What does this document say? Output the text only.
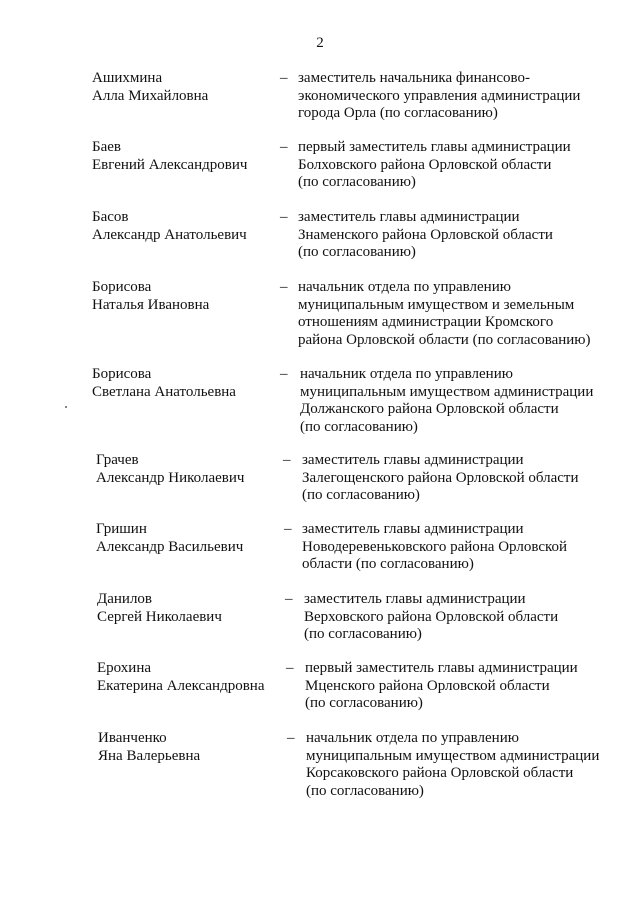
2
Ашихмина
Алла Михайловна
– заместитель начальника финансово-
экономического управления администрации
города Орла (по согласованию)
Баев
Евгений Александрович
– первый заместитель главы администрации
Болховского района Орловской области
(по согласованию)
Басов
Александр Анатольевич
– заместитель главы администрации
Знаменского района Орловской области
(по согласованию)
Борисова
Наталья Ивановна
– начальник отдела по управлению
муниципальным имуществом и земельным
отношениям администрации Кромского
района Орловской области (по согласованию)
Борисова
Светлана Анатольевна
– начальник отдела по управлению
муниципальным имуществом администрации
Должанского района Орловской области
(по согласованию)
Грачев
Александр Николаевич
– заместитель главы администрации
Залегощенского района Орловской области
(по согласованию)
Гришин
Александр Васильевич
– заместитель главы администрации
Новодеревеньковского района Орловской
области (по согласованию)
Данилов
Сергей Николаевич
– заместитель главы администрации
Верховского района Орловской области
(по согласованию)
Ерохина
Екатерина Александровна
– первый заместитель главы администрации
Мценского района Орловской области
(по согласованию)
Иванченко
Яна Валерьевна
– начальник отдела по управлению
муниципальным имуществом администрации
Корсаковского района Орловской области
(по согласованию)
